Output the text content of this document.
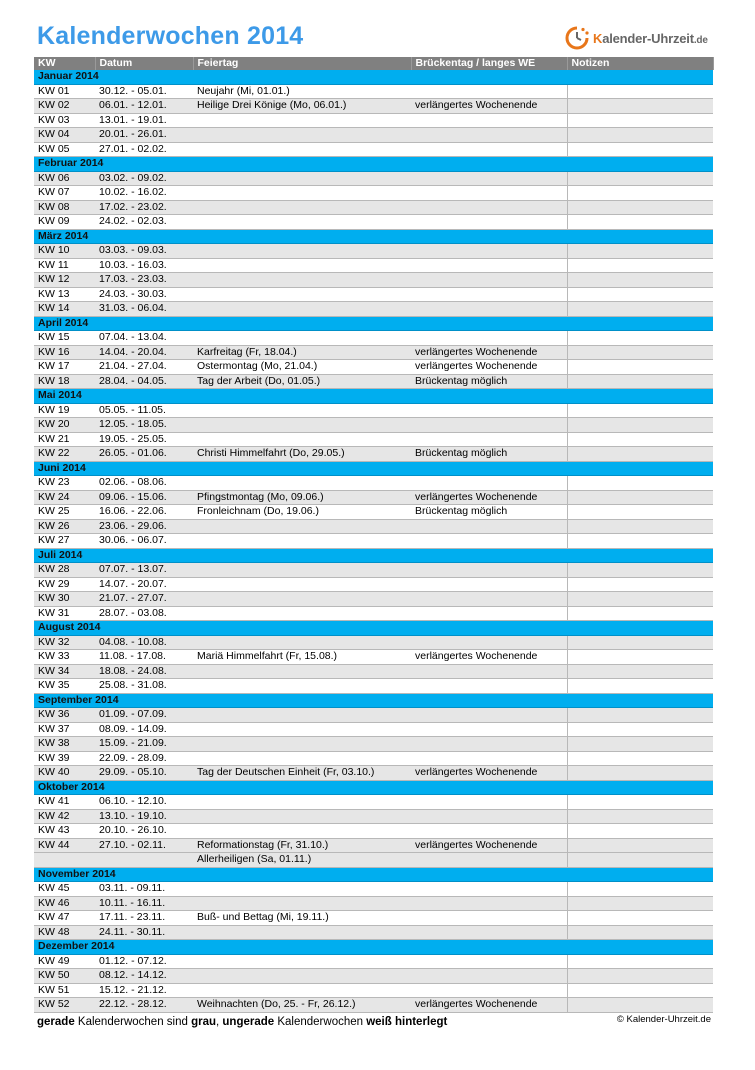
Kalenderwochen 2014	Kalender-Uhrzeit.de
KW	Datum	Feiertag	Brückentag / langes WE	Notizen
Januar 2014				
KW 01	30.12. - 05.01.	Neujahr (Mi, 01.01.)		
KW 02	06.01. - 12.01.	Heilige Drei Könige (Mo, 06.01.)	verlängertes Wochenende	
KW 03	13.01. - 19.01.			
KW 04	20.01. - 26.01.			
KW 05	27.01. - 02.02.			
Februar 2014				
KW 06	03.02. - 09.02.			
KW 07	10.02. - 16.02.			
KW 08	17.02. - 23.02.			
KW 09	24.02. - 02.03.			
März 2014				
KW 10	03.03. - 09.03.			
KW 11	10.03. - 16.03.			
KW 12	17.03. - 23.03.			
KW 13	24.03. - 30.03.			
KW 14	31.03. - 06.04.			
April 2014				
KW 15	07.04. - 13.04.			
KW 16	14.04. - 20.04.	Karfreitag (Fr, 18.04.)	verlängertes Wochenende	
KW 17	21.04. - 27.04.	Ostermontag (Mo, 21.04.)	verlängertes Wochenende	
KW 18	28.04. - 04.05.	Tag der Arbeit (Do, 01.05.)	Brückentag möglich	
Mai 2014				
KW 19	05.05. - 11.05.			
KW 20	12.05. - 18.05.			
KW 21	19.05. - 25.05.			
KW 22	26.05. - 01.06.	Christi Himmelfahrt (Do, 29.05.)	Brückentag möglich	
Juni 2014				
KW 23	02.06. - 08.06.			
KW 24	09.06. - 15.06.	Pfingstmontag (Mo, 09.06.)	verlängertes Wochenende	
KW 25	16.06. - 22.06.	Fronleichnam (Do, 19.06.)	Brückentag möglich	
KW 26	23.06. - 29.06.			
KW 27	30.06. - 06.07.			
Juli 2014				
KW 28	07.07. - 13.07.			
KW 29	14.07. - 20.07.			
KW 30	21.07. - 27.07.			
KW 31	28.07. - 03.08.			
August 2014				
KW 32	04.08. - 10.08.			
KW 33	11.08. - 17.08.	Mariä Himmelfahrt (Fr, 15.08.)	verlängertes Wochenende	
KW 34	18.08. - 24.08.			
KW 35	25.08. - 31.08.			
September 2014				
KW 36	01.09. - 07.09.			
KW 37	08.09. - 14.09.			
KW 38	15.09. - 21.09.			
KW 39	22.09. - 28.09.			
KW 40	29.09. - 05.10.	Tag der Deutschen Einheit (Fr, 03.10.)	verlängertes Wochenende	
Oktober 2014				
KW 41	06.10. - 12.10.			
KW 42	13.10. - 19.10.			
KW 43	20.10. - 26.10.			
KW 44	27.10. - 02.11.	Reformationstag (Fr, 31.10.)	verlängertes Wochenende	
		Allerheiligen (Sa, 01.11.)		
November 2014				
KW 45	03.11. - 09.11.			
KW 46	10.11. - 16.11.			
KW 47	17.11. - 23.11.	Buß- und Bettag (Mi, 19.11.)		
KW 48	24.11. - 30.11.			
Dezember 2014				
KW 49	01.12. - 07.12.			
KW 50	08.12. - 14.12.			
KW 51	15.12. - 21.12.			
KW 52	22.12. - 28.12.	Weihnachten (Do, 25. - Fr, 26.12.)	verlängertes Wochenende	
gerade Kalenderwochen sind grau, ungerade Kalenderwochen weiß hinterlegt	© Kalender-Uhrzeit.de
